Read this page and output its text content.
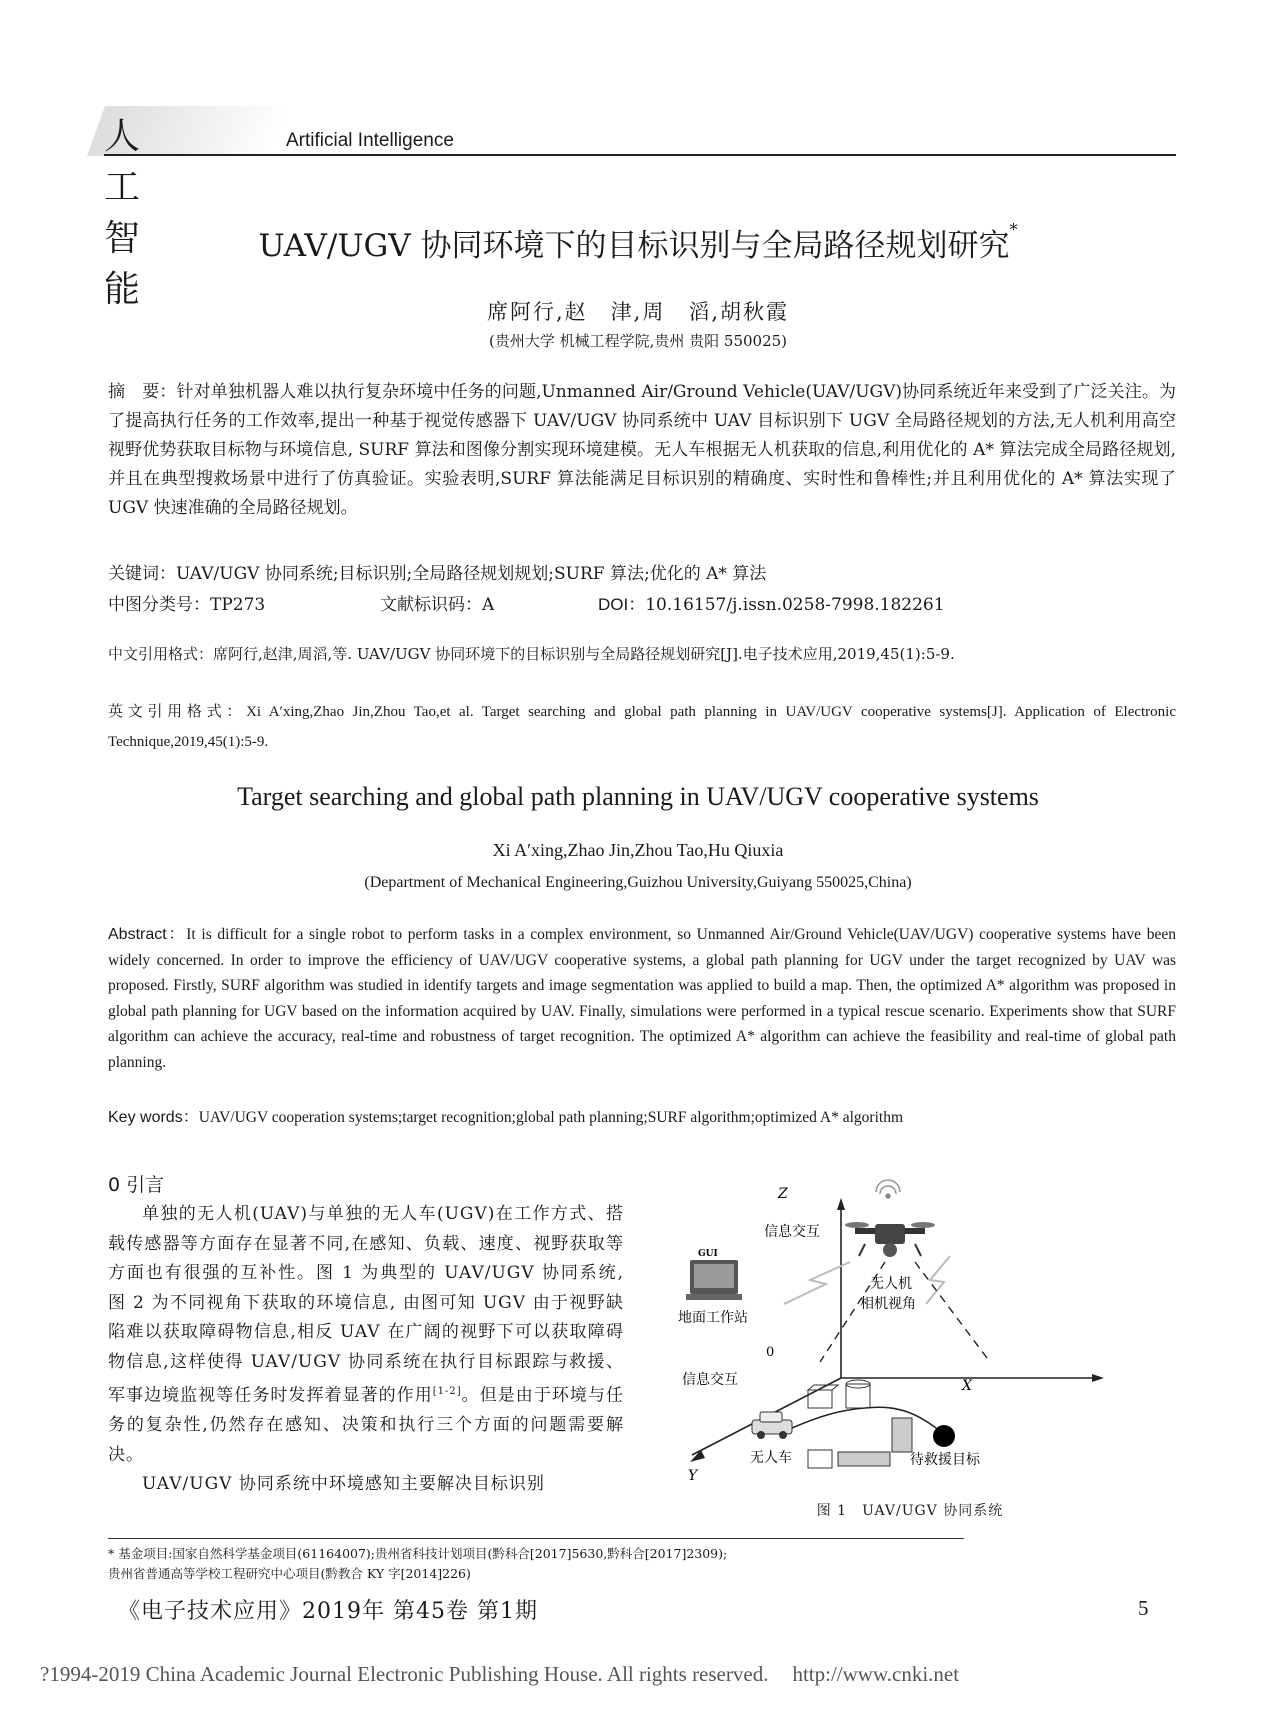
人工智能
Artificial Intelligence
UAV/UGV 协同环境下的目标识别与全局路径规划研究*
席阿行,赵　津,周　滔,胡秋霞
(贵州大学 机械工程学院,贵州 贵阳 550025)
摘　要：针对单独机器人难以执行复杂环境中任务的问题,Unmanned Air/Ground Vehicle(UAV/UGV)协同系统近年来受到了广泛关注。为了提高执行任务的工作效率,提出一种基于视觉传感器下 UAV/UGV 协同系统中 UAV 目标识别下 UGV 全局路径规划的方法,无人机利用高空视野优势获取目标物与环境信息, SURF 算法和图像分割实现环境建模。无人车根据无人机获取的信息,利用优化的 A* 算法完成全局路径规划,并且在典型搜救场景中进行了仿真验证。实验表明,SURF 算法能满足目标识别的精确度、实时性和鲁棒性;并且利用优化的 A* 算法实现了 UGV 快速准确的全局路径规划。
关键词：UAV/UGV 协同系统;目标识别;全局路径规划规划;SURF 算法;优化的 A* 算法
中图分类号：TP273	文献标识码：A	DOI：10.16157/j.issn.0258-7998.182261
中文引用格式：席阿行,赵津,周滔,等. UAV/UGV 协同环境下的目标识别与全局路径规划研究[J].电子技术应用,2019,45(1):5-9.
英文引用格式：Xi A′xing,Zhao Jin,Zhou Tao,et al. Target searching and global path planning in UAV/UGV cooperative systems[J]. Application of Electronic Technique,2019,45(1):5-9.
Target searching and global path planning in UAV/UGV cooperative systems
Xi A′xing,Zhao Jin,Zhou Tao,Hu Qiuxia
(Department of Mechanical Engineering,Guizhou University,Guiyang 550025,China)
Abstract：It is difficult for a single robot to perform tasks in a complex environment, so Unmanned Air/Ground Vehicle(UAV/UGV) cooperative systems have been widely concerned. In order to improve the efficiency of UAV/UGV cooperative systems, a global path planning for UGV under the target recognized by UAV was proposed. Firstly, SURF algorithm was studied in identify targets and image segmentation was applied to build a map. Then, the optimized A* algorithm was proposed in global path planning for UGV based on the information acquired by UAV. Finally, simulations were performed in a typical rescue scenario. Experiments show that SURF algorithm can achieve the accuracy, real-time and robustness of target recognition. The optimized A* algorithm can achieve the feasibility and real-time of global path planning.
Key words：UAV/UGV cooperation systems;target recognition;global path planning;SURF algorithm;optimized A* algorithm
0 引言

单独的无人机(UAV)与单独的无人车(UGV)在工作方式、搭载传感器等方面存在显著不同,在感知、负载、速度、视野获取等方面也有很强的互补性。图 1 为典型的 UAV/UGV 协同系统, 图 2 为不同视角下获取的环境信息, 由图可知 UGV 由于视野缺陷难以获取障碍物信息,相反 UAV 在广阔的视野下可以获取障碍物信息,这样使得 UAV/UGV 协同系统在执行目标跟踪与救援、军事边境监视等任务时发挥着显著的作用[1-2]。但是由于环境与任务的复杂性,仍然存在感知、决策和执行三个方面的问题需要解决。

UAV/UGV 协同系统中环境感知主要解决目标识别

Z
X
Y
0
信息交互
无人机
相机视角
GUI
地面工作站
信息交互
无人车	待救援目标
图 1　UAV/UGV 协同系统
* 基金项目:国家自然科学基金项目(61164007);贵州省科技计划项目(黔科合[2017]5630,黔科合[2017]2309);
贵州省普通高等学校工程研究中心项目(黔教合 KY 字[2014]226)
《电子技术应用》2019年 第45卷 第1期	5
?1994-2019 China Academic Journal Electronic Publishing House. All rights reserved. http://www.cnki.net
